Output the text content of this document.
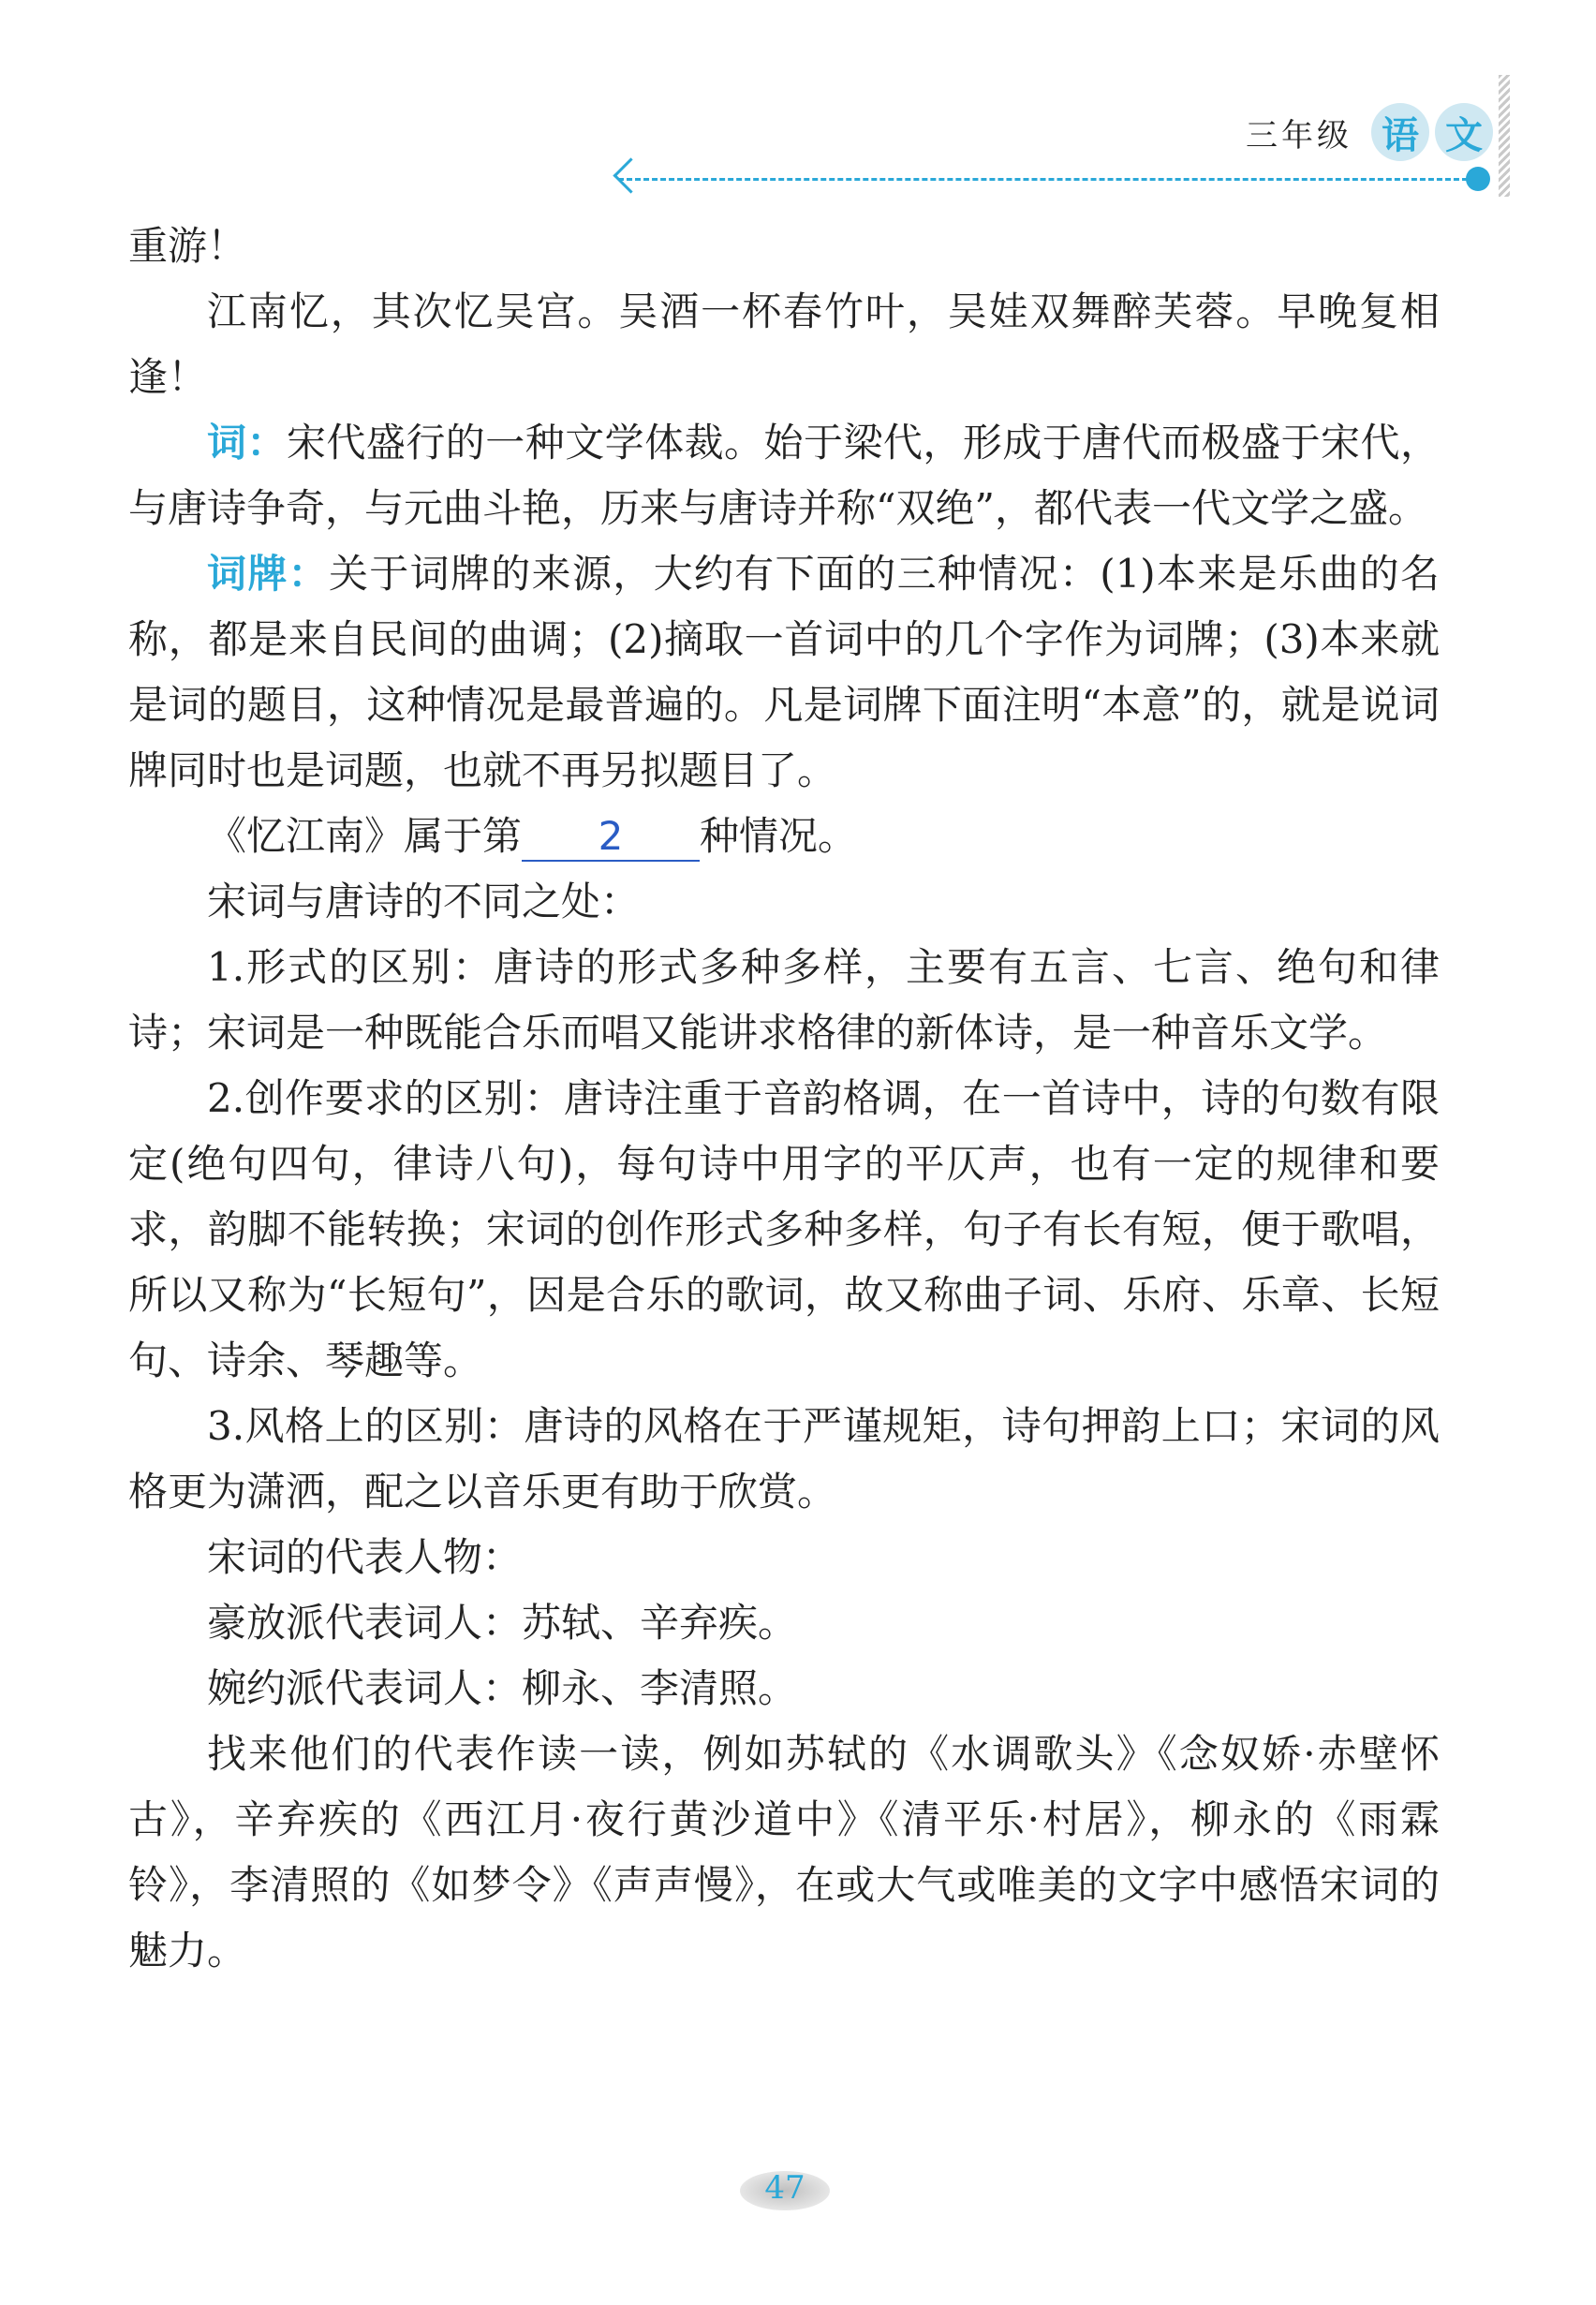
三年级 语 文

重游！

江南忆，其次忆吴宫。吴酒一杯春竹叶，吴娃双舞醉芙蓉。早晚复相逢！

词：宋代盛行的一种文学体裁。始于梁代，形成于唐代而极盛于宋代，与唐诗争奇，与元曲斗艳，历来与唐诗并称“双绝”，都代表一代文学之盛。

词牌：关于词牌的来源，大约有下面的三种情况：(1)本来是乐曲的名称，都是来自民间的曲调；(2)摘取一首词中的几个字作为词牌；(3)本来就是词的题目，这种情况是最普遍的。凡是词牌下面注明“本意”的，就是说词牌同时也是词题，也就不再另拟题目了。

《忆江南》属于第 2 种情况。

宋词与唐诗的不同之处：

1.形式的区别：唐诗的形式多种多样，主要有五言、七言、绝句和律诗；宋词是一种既能合乐而唱又能讲求格律的新体诗，是一种音乐文学。

2.创作要求的区别：唐诗注重于音韵格调，在一首诗中，诗的句数有限定(绝句四句，律诗八句)，每句诗中用字的平仄声，也有一定的规律和要求，韵脚不能转换；宋词的创作形式多种多样，句子有长有短，便于歌唱，所以又称为“长短句”，因是合乐的歌词，故又称曲子词、乐府、乐章、长短句、诗余、琴趣等。

3.风格上的区别：唐诗的风格在于严谨规矩，诗句押韵上口；宋词的风格更为潇洒，配之以音乐更有助于欣赏。

宋词的代表人物：

豪放派代表词人：苏轼、辛弃疾。

婉约派代表词人：柳永、李清照。

找来他们的代表作读一读，例如苏轼的《水调歌头》《念奴娇·赤壁怀古》，辛弃疾的《西江月·夜行黄沙道中》《清平乐·村居》，柳永的《雨霖铃》，李清照的《如梦令》《声声慢》，在或大气或唯美的文字中感悟宋词的魅力。

47
